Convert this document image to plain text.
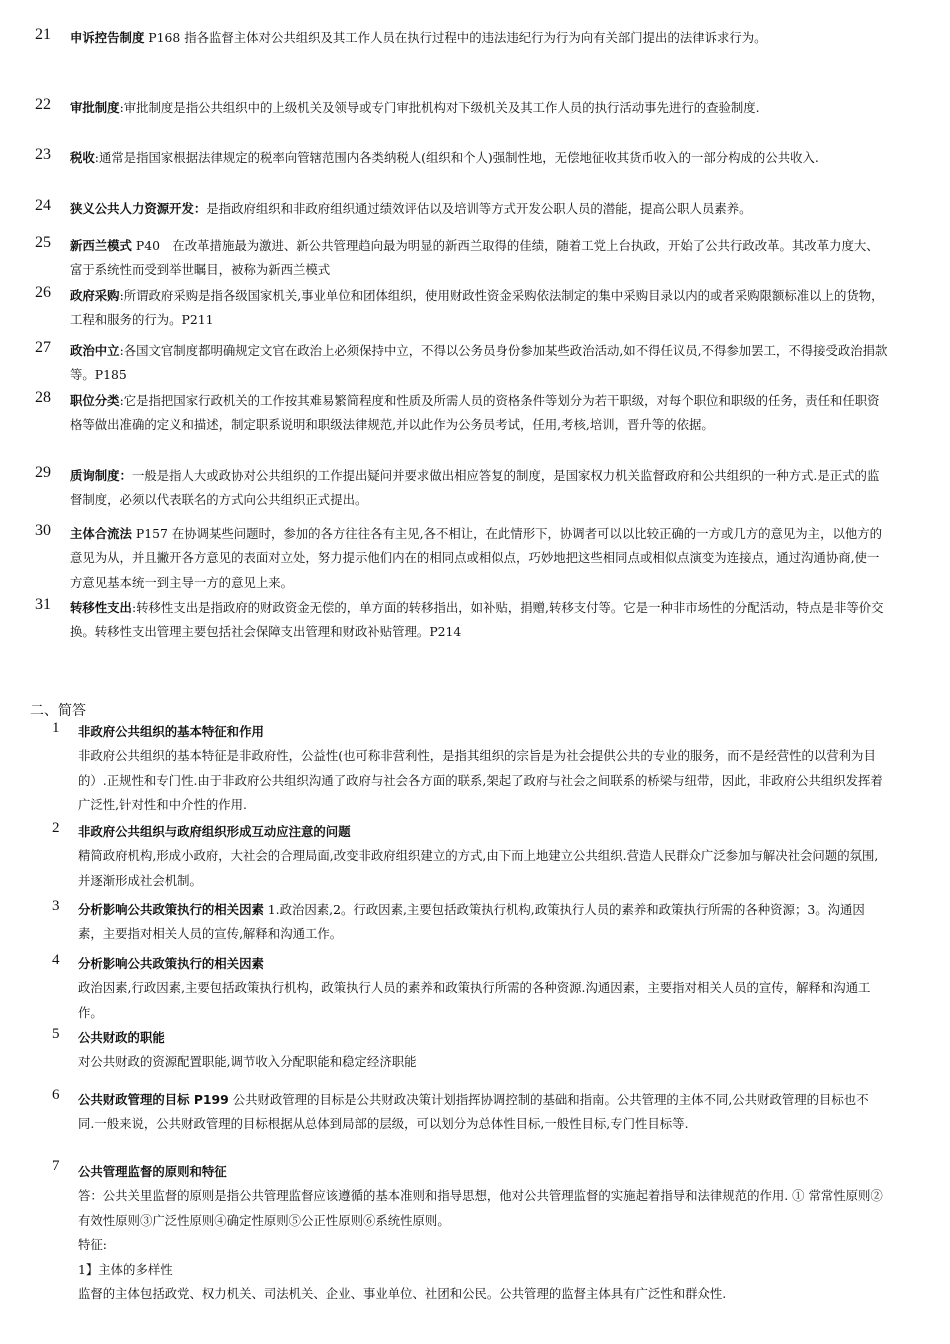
21 申诉控告制度 P168 指各监督主体对公共组织及其工作人员在执行过程中的违法违纪行为行为向有关部门提出的法律诉求行为。

22 审批制度:审批制度是指公共组织中的上级机关及领导或专门审批机构对下级机关及其工作人员的执行活动事先进行的查验制度.

23 税收:通常是指国家根据法律规定的税率向管辖范围内各类纳税人(组织和个人)强制性地，无偿地征收其货币收入的一部分构成的公共收入.

24 狭义公共人力资源开发：是指政府组织和非政府组织通过绩效评估以及培训等方式开发公职人员的潜能，提高公职人员素养。

25 新西兰模式 P40　在改革措施最为激进、新公共管理趋向最为明显的新西兰取得的佳绩，随着工党上台执政，开始了公共行政改革。其改革力度大、富于系统性而受到举世瞩目，被称为新西兰模式

26 政府采购:所谓政府采购是指各级国家机关,事业单位和团体组织，使用财政性资金采购依法制定的集中采购目录以内的或者采购限额标准以上的货物，工程和服务的行为。P211

27 政治中立:各国文官制度都明确规定文官在政治上必须保持中立，不得以公务员身份参加某些政治活动,如不得任议员,不得参加罢工，不得接受政治捐款等。P185

28 职位分类:它是指把国家行政机关的工作按其难易繁简程度和性质及所需人员的资格条件等划分为若干职级，对每个职位和职级的任务，责任和任职资格等做出准确的定义和描述，制定职系说明和职级法律规范,并以此作为公务员考试，任用,考核,培训，晋升等的依据。

29 质询制度：一般是指人大或政协对公共组织的工作提出疑问并要求做出相应答复的制度，是国家权力机关监督政府和公共组织的一种方式.是正式的监督制度，必须以代表联名的方式向公共组织正式提出。

30 主体合流法 P157 在协调某些问题时，参加的各方往往各有主见,各不相让，在此情形下，协调者可以以比较正确的一方或几方的意见为主，以他方的意见为从，并且撇开各方意见的表面对立处，努力提示他们内在的相同点或相似点，巧妙地把这些相同点或相似点演变为连接点，通过沟通协商,使一方意见基本统一到主导一方的意见上来。

31 转移性支出:转移性支出是指政府的财政资金无偿的，单方面的转移指出，如补贴，捐赠,转移支付等。它是一种非市场性的分配活动，特点是非等价交换。转移性支出管理主要包括社会保障支出管理和财政补贴管理。P214

二、简答
1 非政府公共组织的基本特征和作用
非政府公共组织的基本特征是非政府性，公益性(也可称非营利性，是指其组织的宗旨是为社会提供公共的专业的服务，而不是经营性的以营利为目的）.正规性和专门性.由于非政府公共组织沟通了政府与社会各方面的联系,架起了政府与社会之间联系的桥梁与纽带，因此，非政府公共组织发挥着广泛性,针对性和中介性的作用.
2 非政府公共组织与政府组织形成互动应注意的问题
精简政府机构,形成小政府，大社会的合理局面,改变非政府组织建立的方式,由下而上地建立公共组织.营造人民群众广泛参加与解决社会问题的氛围,并逐渐形成社会机制。
3 分析影响公共政策执行的相关因素 1.政治因素,2。行政因素,主要包括政策执行机构,政策执行人员的素养和政策执行所需的各种资源；3。沟通因素，主要指对相关人员的宣传,解释和沟通工作。
4 分析影响公共政策执行的相关因素
政治因素,行政因素,主要包括政策执行机构，政策执行人员的素养和政策执行所需的各种资源.沟通因素，主要指对相关人员的宣传，解释和沟通工作。
5 公共财政的职能
对公共财政的资源配置职能,调节收入分配职能和稳定经济职能
6 公共财政管理的目标 P199 公共财政管理的目标是公共财政决策计划指挥协调控制的基础和指南。公共管理的主体不同,公共财政管理的目标也不同.一般来说，公共财政管理的目标根据从总体到局部的层级，可以划分为总体性目标,一般性目标,专门性目标等.
7 公共管理监督的原则和特征
答：公共关里监督的原则是指公共管理监督应该遵循的基本准则和指导思想，他对公共管理监督的实施起着指导和法律规范的作用. ① 常常性原则②有效性原则③广泛性原则④确定性原则⑤公正性原则⑥系统性原则。
特征:
1】主体的多样性
监督的主体包括政党、权力机关、司法机关、企业、事业单位、社团和公民。公共管理的监督主体具有广泛性和群众性.
